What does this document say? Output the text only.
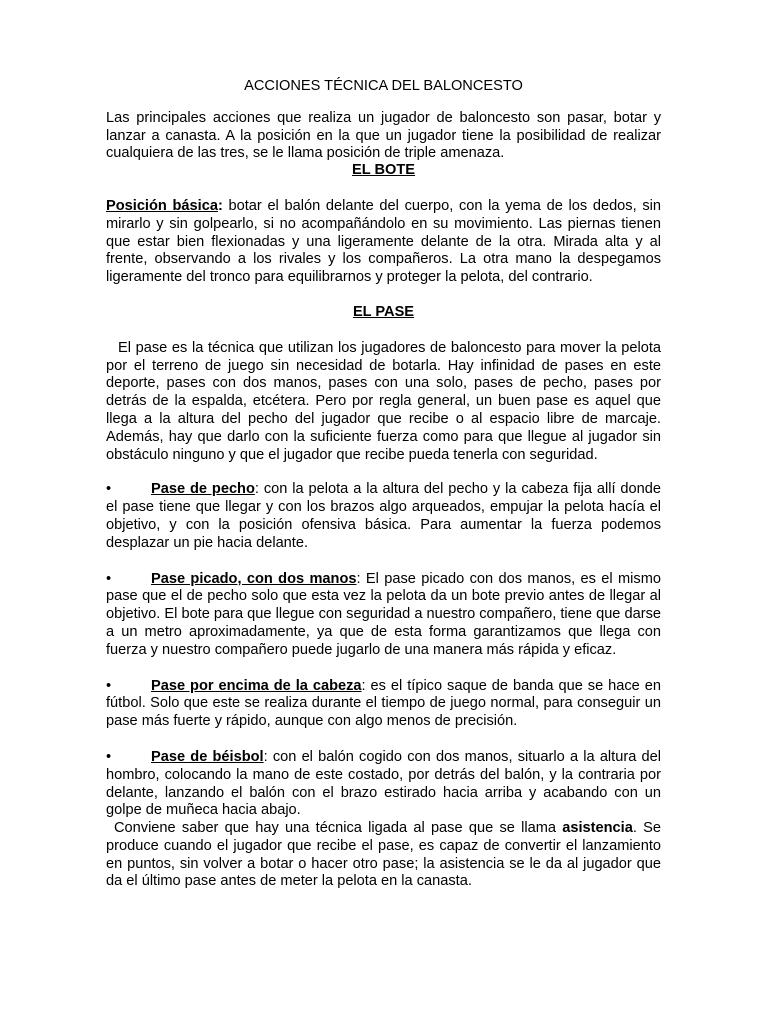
ACCIONES TÉCNICA DEL BALONCESTO

Las principales acciones que realiza un jugador de baloncesto son pasar, botar y lanzar a canasta. A la posición en la que un jugador tiene la posibilidad de realizar cualquiera de las tres, se le llama posición de triple amenaza.

EL BOTE

Posición básica: botar el balón delante del cuerpo, con la yema de los dedos, sin mirarlo y sin golpearlo, si no acompañándolo en su movimiento. Las piernas tienen que estar bien flexionadas y una ligeramente delante de la otra. Mirada alta y al frente, observando a los rivales y los compañeros. La otra mano la despegamos ligeramente del tronco para equilibrarnos y proteger la pelota, del contrario.

EL PASE

El pase es la técnica que utilizan los jugadores de baloncesto para mover la pelota por el terreno de juego sin necesidad de botarla. Hay infinidad de pases en este deporte, pases con dos manos, pases con una solo, pases de pecho, pases por detrás de la espalda, etcétera. Pero por regla general, un buen pase es aquel que llega a la altura del pecho del jugador que recibe o al espacio libre de marcaje. Además, hay que darlo con la suficiente fuerza como para que llegue al jugador sin obstáculo ninguno y que el jugador que recibe pueda tenerla con seguridad.

•	Pase de pecho: con la pelota a la altura del pecho y la cabeza fija allí donde el pase tiene que llegar y con los brazos algo arqueados, empujar la pelota hacía el objetivo, y con la posición ofensiva básica. Para aumentar la fuerza podemos desplazar un pie hacia delante.

•	Pase picado, con dos manos: El pase picado con dos manos, es el mismo pase que el de pecho solo que esta vez la pelota da un bote previo antes de llegar al objetivo. El bote para que llegue con seguridad a nuestro compañero, tiene que darse a un metro aproximadamente, ya que de esta forma garantizamos que llega con fuerza y nuestro compañero puede jugarlo de una manera más rápida y eficaz.

•	Pase por encima de la cabeza: es el típico saque de banda que se hace en fútbol. Solo que este se realiza durante el tiempo de juego normal, para conseguir un pase más fuerte y rápido, aunque con algo menos de precisión.

•	Pase de béisbol: con el balón cogido con dos manos, situarlo a la altura del hombro, colocando la mano de este costado, por detrás del balón, y la contraria por delante, lanzando el balón con el brazo estirado hacia arriba y acabando con un golpe de muñeca hacia abajo.

Conviene saber que hay una técnica ligada al pase que se llama asistencia. Se produce cuando el jugador que recibe el pase, es capaz de convertir el lanzamiento en puntos, sin volver a botar o hacer otro pase; la asistencia se le da al jugador que da el último pase antes de meter la pelota en la canasta.
